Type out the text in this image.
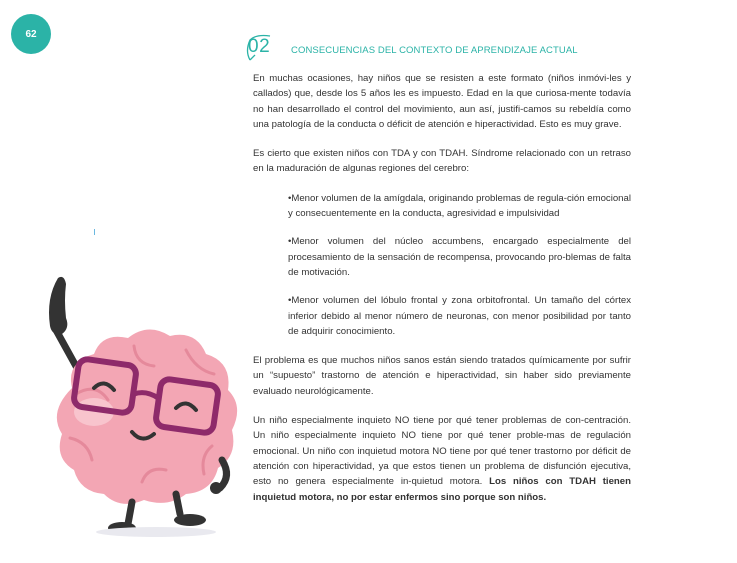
62
02 CONSECUENCIAS DEL CONTEXTO DE APRENDIZAJE ACTUAL

En muchas ocasiones, hay niños que se resisten a este formato (niños inmóvi-les y callados) que, desde los 5 años les es impuesto. Edad en la que curiosa-mente todavía no han desarrollado el control del movimiento, aun así, justifi-camos su rebeldía como una patología de la conducta o déficit de atención e hiperactividad. Esto es muy grave.

Es cierto que existen niños con TDA y con TDAH. Síndrome relacionado con un retraso en la maduración de algunas regiones del cerebro:

•Menor volumen de la amígdala, originando problemas de regula-ción emocional y consecuentemente en la conducta, agresividad e impulsividad
•Menor volumen del núcleo accumbens, encargado especialmente del procesamiento de la sensación de recompensa, provocando pro-blemas de falta de motivación.
•Menor volumen del lóbulo frontal y zona orbitofrontal. Un tamaño del córtex inferior debido al menor número de neuronas, con menor posibilidad por tanto de adquirir conocimiento.

El problema es que muchos niños sanos están siendo tratados químicamente por sufrir un “supuesto” trastorno de atención e hiperactividad, sin haber sido previamente evaluado neurológicamente.

Un niño especialmente inquieto NO tiene por qué tener problemas de con-centración. Un niño especialmente inquieto NO tiene por qué tener proble-mas de regulación emocional. Un niño con inquietud motora NO tiene por qué tener trastorno por déficit de atención con hiperactividad, ya que estos tienen un problema de disfunción ejecutiva, esto no genera especialmente in-quietud motora. Los niños con TDAH tienen inquietud motora, no por estar enfermos sino porque son niños.
